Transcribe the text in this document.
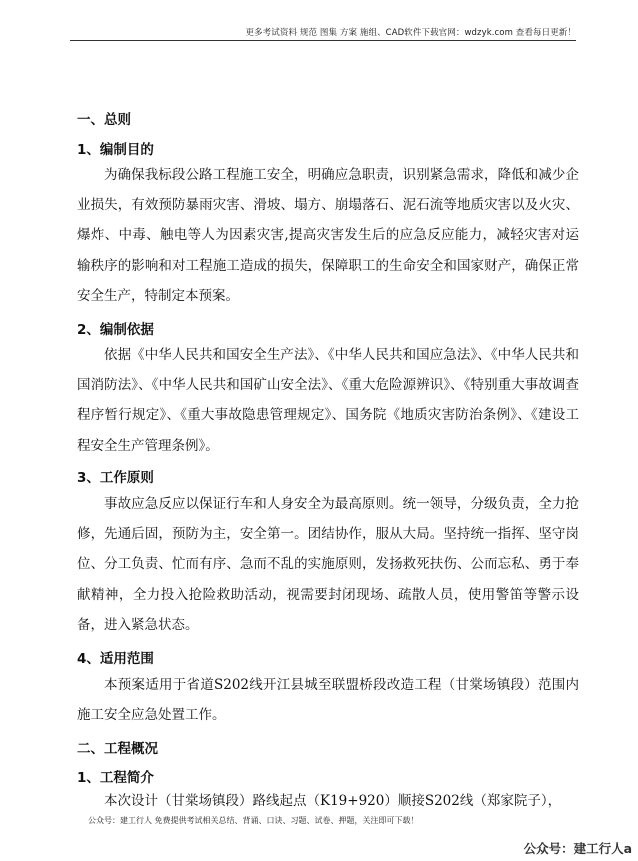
更多考试资料 规范 图集 方案 施组、CAD软件下载官网：wdzyk.com 查看每日更新！
一、总则
1、编制目的
为确保我标段公路工程施工安全，明确应急职责，识别紧急需求，降低和减少企业损失，有效预防暴雨灾害、滑坡、塌方、崩塌落石、泥石流等地质灾害以及火灾、爆炸、中毒、触电等人为因素灾害,提高灾害发生后的应急反应能力，减轻灾害对运输秩序的影响和对工程施工造成的损失，保障职工的生命安全和国家财产，确保正常安全生产，特制定本预案。
2、编制依据
依据《中华人民共和国安全生产法》、《中华人民共和国应急法》、《中华人民共和国消防法》、《中华人民共和国矿山安全法》、《重大危险源辨识》、《特别重大事故调查程序暂行规定》、《重大事故隐患管理规定》、国务院《地质灾害防治条例》、《建设工程安全生产管理条例》。
3、工作原则
事故应急反应以保证行车和人身安全为最高原则。统一领导，分级负责，全力抢修，先通后固，预防为主，安全第一。团结协作，服从大局。坚持统一指挥、坚守岗位、分工负责、忙而有序、急而不乱的实施原则，发扬救死扶伤、公而忘私、勇于奉献精神，全力投入抢险救助活动，视需要封闭现场、疏散人员，使用警笛等警示设备，进入紧急状态。
4、适用范围
本预案适用于省道S202线开江县城至联盟桥段改造工程（甘棠场镇段）范围内施工安全应急处置工作。
二、工程概况
1、工程简介
本次设计（甘棠场镇段）路线起点（K19+920）顺接S202线（郑家院子），
公众号：建工行人 免费提供考试相关总结、背诵、口诀、习题、试卷、押题，关注即可下载！
公众号：建工行人a
